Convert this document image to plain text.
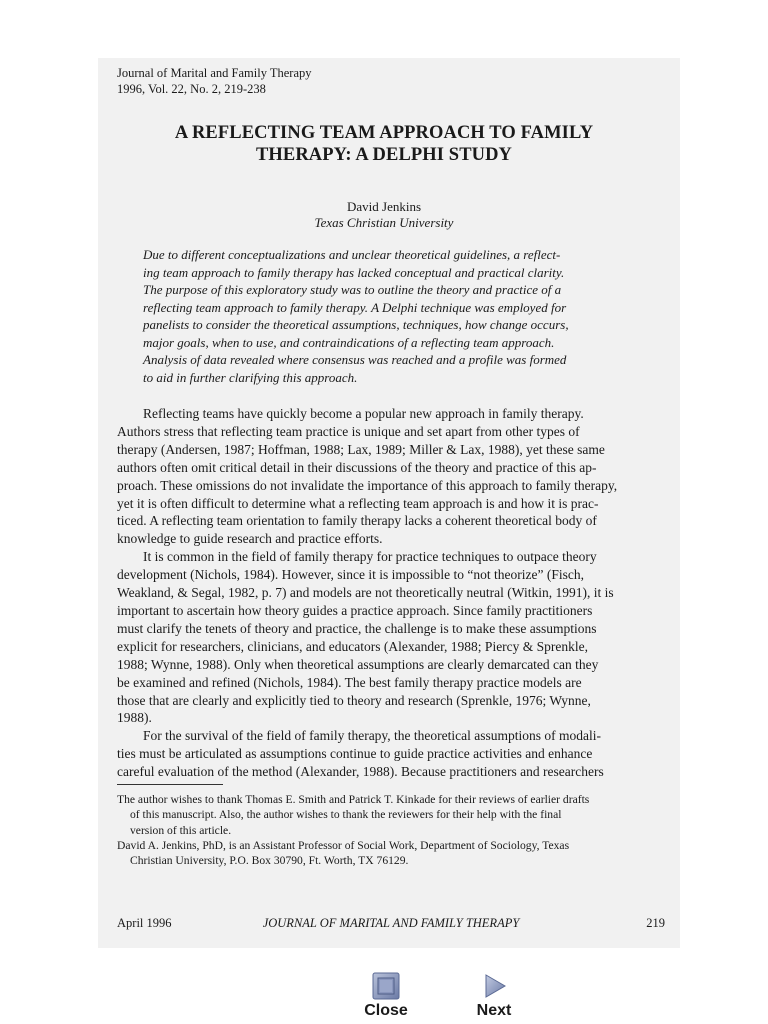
Journal of Marital and Family Therapy
1996, Vol. 22, No. 2, 219-238
A REFLECTING TEAM APPROACH TO FAMILY
THERAPY: A DELPHI STUDY
David Jenkins
Texas Christian University
Due to different conceptualizations and unclear theoretical guidelines, a reflect-
ing team approach to family therapy has lacked conceptual and practical clarity.
The purpose of this exploratory study was to outline the theory and practice of a
reflecting team approach to family therapy. A Delphi technique was employed for
panelists to consider the theoretical assumptions, techniques, how change occurs,
major goals, when to use, and contraindications of a reflecting team approach.
Analysis of data revealed where consensus was reached and a profile was formed
to aid in further clarifying this approach.
Reflecting teams have quickly become a popular new approach in family therapy.
Authors stress that reflecting team practice is unique and set apart from other types of
therapy (Andersen, 1987; Hoffman, 1988; Lax, 1989; Miller & Lax, 1988), yet these same
authors often omit critical detail in their discussions of the theory and practice of this ap-
proach. These omissions do not invalidate the importance of this approach to family therapy,
yet it is often difficult to determine what a reflecting team approach is and how it is prac-
ticed. A reflecting team orientation to family therapy lacks a coherent theoretical body of
knowledge to guide research and practice efforts.
It is common in the field of family therapy for practice techniques to outpace theory
development (Nichols, 1984). However, since it is impossible to “not theorize” (Fisch,
Weakland, & Segal, 1982, p. 7) and models are not theoretically neutral (Witkin, 1991), it is
important to ascertain how theory guides a practice approach. Since family practitioners
must clarify the tenets of theory and practice, the challenge is to make these assumptions
explicit for researchers, clinicians, and educators (Alexander, 1988; Piercy & Sprenkle,
1988; Wynne, 1988). Only when theoretical assumptions are clearly demarcated can they
be examined and refined (Nichols, 1984). The best family therapy practice models are
those that are clearly and explicitly tied to theory and research (Sprenkle, 1976; Wynne,
1988).
For the survival of the field of family therapy, the theoretical assumptions of modali-
ties must be articulated as assumptions continue to guide practice activities and enhance
careful evaluation of the method (Alexander, 1988). Because practitioners and researchers
The author wishes to thank Thomas E. Smith and Patrick T. Kinkade for their reviews of earlier drafts
of this manuscript. Also, the author wishes to thank the reviewers for their help with the final
version of this article.
David A. Jenkins, PhD, is an Assistant Professor of Social Work, Department of Sociology, Texas
Christian University, P.O. Box 30790, Ft. Worth, TX 76129.
April 1996	JOURNAL OF MARITAL AND FAMILY THERAPY	219
Close	Next
